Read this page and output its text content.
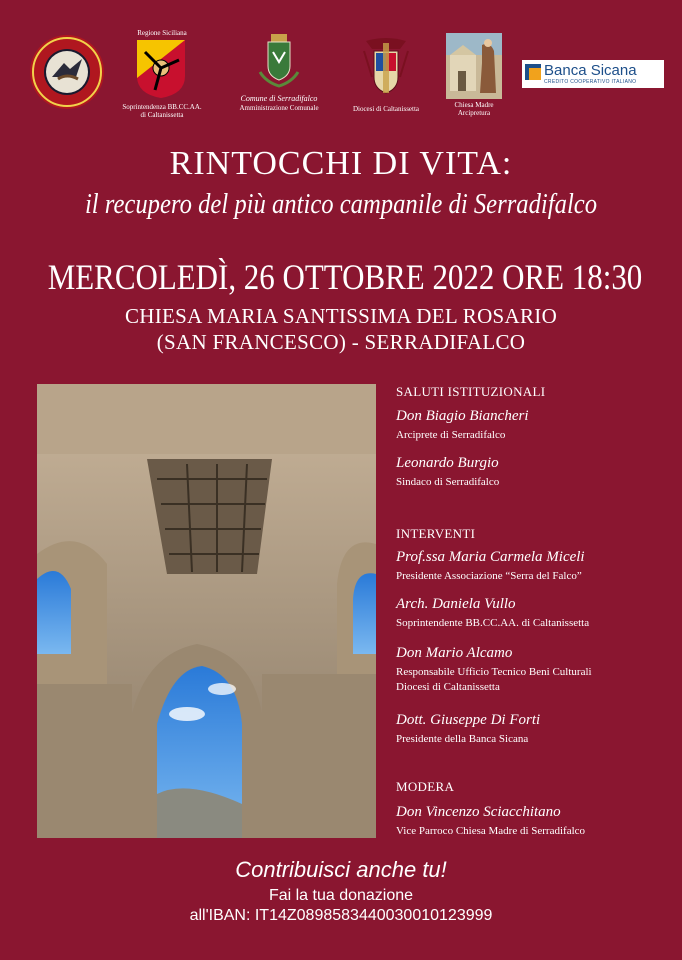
Regione Siciliana
Soprintendenza BB.CC.AA.
di Caltanissetta
Comune di Serradifalco
Amministrazione Comunale	Diocesi di Caltanissetta	Chiesa Madre
Arcipretura
Banca Sicana
CREDITO COOPERATIVO ITALIANO
RINTOCCHI DI VITA:
il recupero del più antico campanile di Serradifalco
MERCOLEDÌ, 26 OTTOBRE 2022 ORE 18:30
CHIESA MARIA SANTISSIMA DEL ROSARIO
(SAN FRANCESCO) - SERRADIFALCO
SALUTI ISTITUZIONALI
Don Biagio Biancheri
Arciprete di Serradifalco
Leonardo Burgio
Sindaco di Serradifalco
INTERVENTI
Prof.ssa Maria Carmela Miceli
Presidente Associazione “Serra del Falco”
Arch. Daniela Vullo
Soprintendente BB.CC.AA. di Caltanissetta
Don Mario Alcamo
Responsabile Ufficio Tecnico Beni Culturali
Diocesi di Caltanissetta
Dott. Giuseppe Di Forti
Presidente della Banca Sicana
MODERA
Don Vincenzo Sciacchitano
Vice Parroco Chiesa Madre di Serradifalco
Contribuisci anche tu!
Fai la tua donazione
all'IBAN: IT14Z0898583440030010123999
